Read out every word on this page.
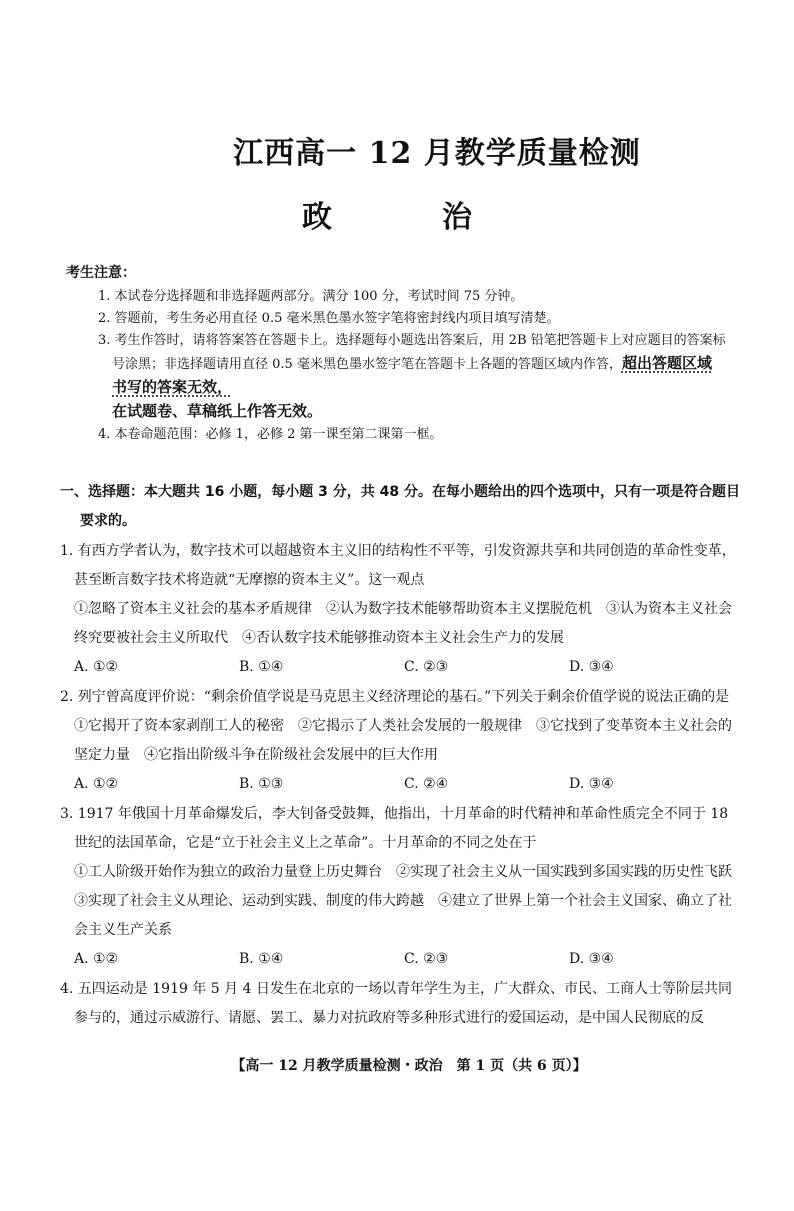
江西高一 12 月教学质量检测
政　治
考生注意：
1. 本试卷分选择题和非选择题两部分。满分 100 分，考试时间 75 分钟。
2. 答题前，考生务必用直径 0.5 毫米黑色墨水签字笔将密封线内项目填写清楚。
3. 考生作答时，请将答案答在答题卡上。选择题每小题选出答案后，用 2B 铅笔把答题卡上对应题目的答案标号涂黑；非选择题请用直径 0.5 毫米黑色墨水签字笔在答题卡上各题的答题区域内作答，超出答题区域书写的答案无效，
在试题卷、草稿纸上作答无效。
4. 本卷命题范围：必修 1，必修 2 第一课至第二课第一框。
一、选择题：本大题共 16 小题，每小题 3 分，共 48 分。在每小题给出的四个选项中，只有一项是符合题目
要求的。
1. 有西方学者认为，数字技术可以超越资本主义旧的结构性不平等，引发资源共享和共同创造的革命性变革，甚至断言数字技术将造就“无摩擦的资本主义”。这一观点
①忽略了资本主义社会的基本矛盾规律　②认为数字技术能够帮助资本主义摆脱危机　③认为资本主义社会终究要被社会主义所取代　④否认数字技术能够推动资本主义社会生产力的发展
A. ①②	B. ①④	C. ②③	D. ③④
2. 列宁曾高度评价说：“剩余价值学说是马克思主义经济理论的基石。”下列关于剩余价值学说的说法正确的是
①它揭开了资本家剥削工人的秘密　②它揭示了人类社会发展的一般规律　③它找到了变革资本主义社会的坚定力量　④它指出阶级斗争在阶级社会发展中的巨大作用
A. ①②	B. ①③	C. ②④	D. ③④
3. 1917 年俄国十月革命爆发后，李大钊备受鼓舞，他指出，十月革命的时代精神和革命性质完全不同于 18 世纪的法国革命，它是“立于社会主义上之革命”。十月革命的不同之处在于
①工人阶级开始作为独立的政治力量登上历史舞台　②实现了社会主义从一国实践到多国实践的历史性飞跃　③实现了社会主义从理论、运动到实践、制度的伟大跨越　④建立了世界上第一个社会主义国家、确立了社会主义生产关系
A. ①②	B. ①④	C. ②③	D. ③④
4. 五四运动是 1919 年 5 月 4 日发生在北京的一场以青年学生为主，广大群众、市民、工商人士等阶层共同参与的，通过示威游行、请愿、罢工、暴力对抗政府等多种形式进行的爱国运动，是中国人民彻底的反
【高一 12 月教学质量检测・政治　第 1 页（共 6 页）】
